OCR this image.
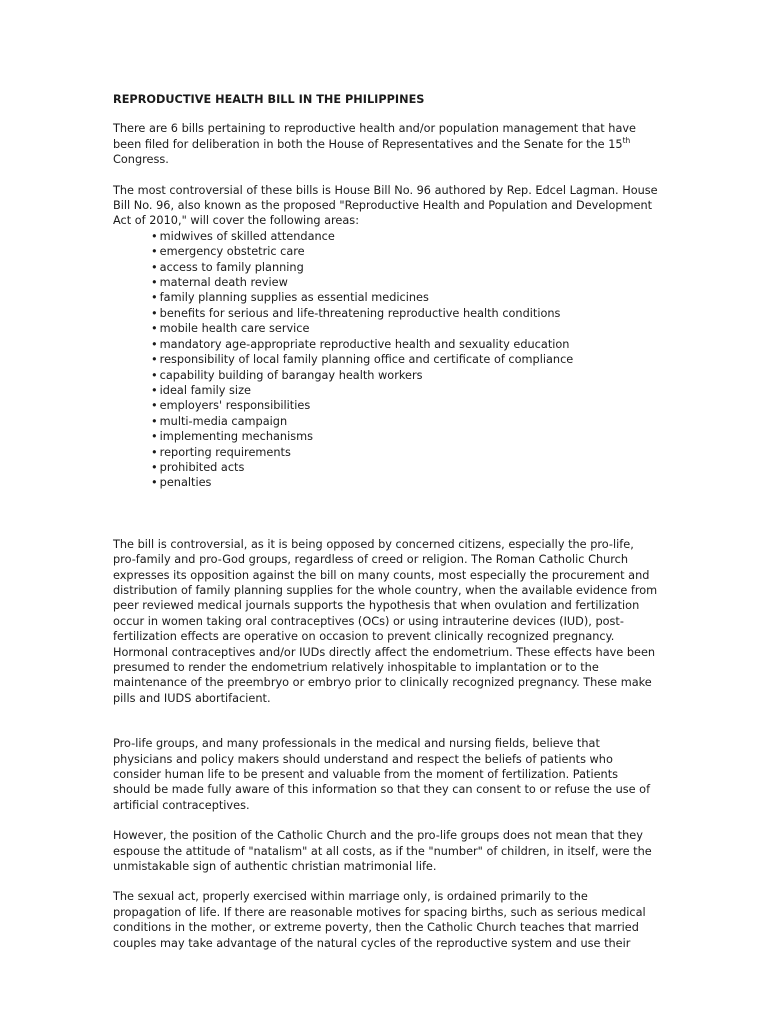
REPRODUCTIVE HEALTH BILL IN THE PHILIPPINES

There are 6 bills pertaining to reproductive health and/or population management that have been filed for deliberation in both the House of Representatives and the Senate for the 15th Congress.

The most controversial of these bills is House Bill No. 96 authored by Rep. Edcel Lagman. House Bill No. 96, also known as the proposed "Reproductive Health and Population and Development Act of 2010," will cover the following areas:

• midwives of skilled attendance
• emergency obstetric care
• access to family planning
• maternal death review
• family planning supplies as essential medicines
• benefits for serious and life-threatening reproductive health conditions
• mobile health care service
• mandatory age-appropriate reproductive health and sexuality education
• responsibility of local family planning office and certificate of compliance
• capability building of barangay health workers
• ideal family size
• employers' responsibilities
• multi-media campaign
• implementing mechanisms
• reporting requirements
• prohibited acts
• penalties

The bill is controversial, as it is being opposed by concerned citizens, especially the pro-life, pro-family and pro-God groups, regardless of creed or religion. The Roman Catholic Church expresses its opposition against the bill on many counts, most especially the procurement and distribution of family planning supplies for the whole country, when the available evidence from peer reviewed medical journals supports the hypothesis that when ovulation and fertilization occur in women taking oral contraceptives (OCs) or using intrauterine devices (IUD), post-fertilization effects are operative on occasion to prevent clinically recognized pregnancy. Hormonal contraceptives and/or IUDs directly affect the endometrium. These effects have been presumed to render the endometrium relatively inhospitable to implantation or to the maintenance of the preembryo or embryo prior to clinically recognized pregnancy. These make pills and IUDS abortifacient.

Pro-life groups, and many professionals in the medical and nursing fields, believe that physicians and policy makers should understand and respect the beliefs of patients who consider human life to be present and valuable from the moment of fertilization. Patients should be made fully aware of this information so that they can consent to or refuse the use of artificial contraceptives.

However, the position of the Catholic Church and the pro-life groups does not mean that they espouse the attitude of "natalism" at all costs, as if the "number" of children, in itself, were the unmistakable sign of authentic christian matrimonial life.

The sexual act, properly exercised within marriage only, is ordained primarily to the propagation of life. If there are reasonable motives for spacing births, such as serious medical conditions in the mother, or extreme poverty, then the Catholic Church teaches that married couples may take advantage of the natural cycles of the reproductive system and use their
